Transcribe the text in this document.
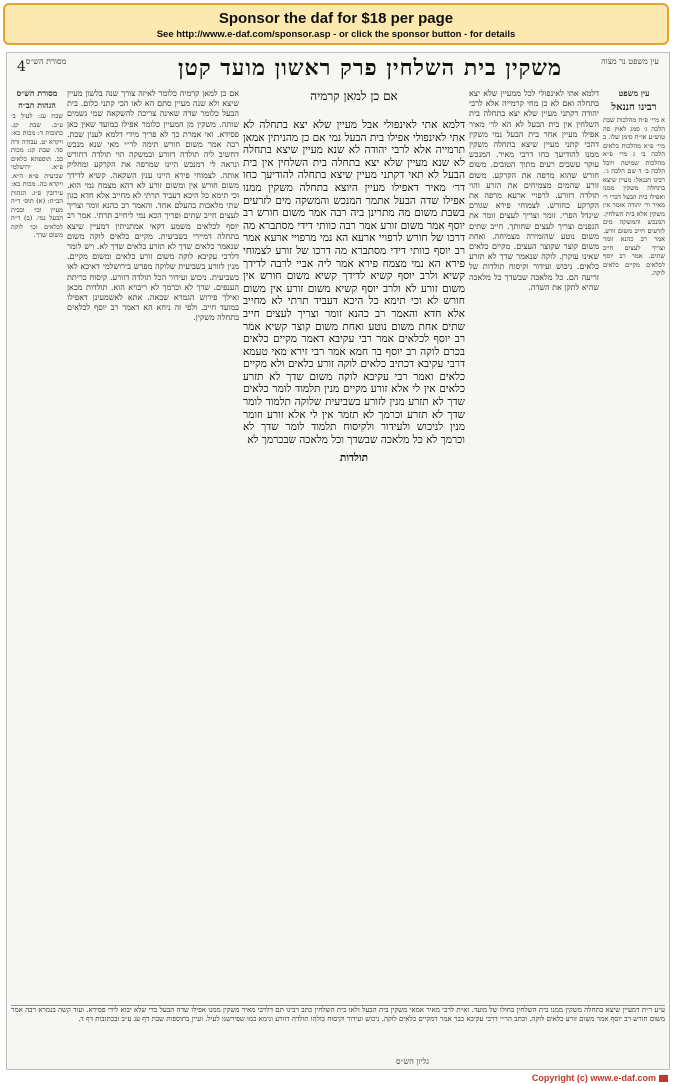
Sponsor the daf for $18 per page
See http://www.e-daf.com/sponsor.asp - or click the sponsor button - for details
4	משקין בית השלחין פרק ראשון מועד קטן
מסורת הש״ס	עין משפט נר מצוה
אם כן למאן קרמיה	עין משפט
רבינו חננאל

א מיי׳ פ״ח מהלכות שבת הלכה ג׳ סמג לאוין סה טוש״ע או״ח סימן שלו. ב מיי׳ פ״א מהלכות כלאים הלכה ב׳ ג מיי׳ פ״א מהלכות שמיטה ויובל הלכה ב׳ ד שם הלכה ג׳. רבינו חננאל: מעיין שיצא בתחלה משקין ממנו ואפילו בית הבעל דברי ר׳ מאיר ור׳ יהודה אומר אין משקין אלא בית השלחין. המנכש והמשקה מים לזרעים חייב משום זורע. אמר רב כהנא זומר וצריך לעצים חייב שתים. אמר רב יוסף לכלאים מקיים כלאים לוקה.

דלמא אתי לאינפולי לכל ממעיין שלא יצא בתחלה ואם לא כן מחי קרמייה אלא לרבי יהודה דקתני מעיין שלא יצא בתחלה בית השלחין אין בית הבעל לא הא לר׳ מאיר אפילו מעיין אחר בית הבעל נמי משקין דהכי קתני מעיין שיצא בתחלה משקין ממנו להודיעך כחו דרבי מאיר. המנכש עוקר עשבים רעים מתוך הטובים. משום חורש שהוא מרפה את הקרקע. משום זורע שהמים מצמיחים את הזרע והוי תולדה דזורע. לרפויי ארעא מרפה את הקרקע כחורש. לצמוחי פירא שגורם שיגדל הפרי. זומר וצריך לעצים זומר את הגפנים וצריך לעצים שחותך. חייב שתים משום נוטע שהזמירה מצמיחה. ואחת משום קוצר שקוצר העצים. מקיים כלאים שאינו עוקרן. לוקה שנאמר שדך לא תזרע כלאים. ניכוש ועידור וקיסוח תולדות של זריעה הם. כל מלאכה שבשדך כל מלאכה שהיא לתקן את השדה.

דלמא אתי לאינפולי אבל מעיין שלא יצא בתחלה לא אתי לאינפולי אפילו בית הבעל נמי אם כן מהניתין אמאן תרמייה אלא לרבי יהודה לא שנא מעיין שיצא בתחלה לא שנא מעיין שלא יצא בתחלה בית השלחין אין בית הבעל לא תאי דקתני מעיין שיצא בתחלה להודיעך כחו דר׳ מאיר דאפילו מעיין היוצא בתחלה משקין ממנו אפילו שדה הבעל אתמר המנכש והמשקה מים לזרעים בשבת משום מה מתרינן ביה רבה אמר משום חורש רב יוסף אמר משום זורע אמר רבה כוותי דידי מסתברא מה דרכו של חורש לרפויי ארעא הא נמי מרפויי ארעא אמר רב יוסף כוותי דידי מסתברא מה דרכו של זורע לצמוחי פירא הא נמי מצמח פירא אמר ליה אביי לרבה לדידך קשיא ולרב יוסף קשיא לדידך קשיא משום חורש אין משום זורע לא ולרב יוסף קשיא משום זורע אין משום חורש לא וכי תימא כל היכא דעביד תרתי לא מחייב אלא חדא והאמר רב כהנא זומר וצריך לעצים חייב שתים אחת משום נוטע ואחת משום קוצר קשיא אמר רב יוסף לכלאים אמר רבי עקיבא דאמר מקיים כלאים בכרם לוקה רב יוסף בר חמא אמר רבי זירא מאי טעמא דרבי עקיבא דכתיב כלאים לוקה זורע כלאים ולא מקיים כלאים ואמר רבי עקיבא לוקה משום שדך לא תזרע כלאים אין לי אלא זורע מקיים מנין תלמוד לומר כלאים שדך לא תזרע מנין לזורע בשביעית שלוקה תלמוד לומר שדך לא תזרע וכרמך לא תזמר אין לי אלא זורע וזומר מנין לניכוש ולעידור ולקיסוח תלמוד לומר שדך לא וכרמך לא כל מלאכה שבשדך וכל מלאכה שבכרמך לא

תולדות

אם כן למאן קרמיה כלומר לאיזה צורך שנה בלשון מעיין שיצא ולא שנה מעיין סתם הא לאו הכי קתני כלום. בית הבעל כלומר שדה שאינה צריכה להשקאה שמי גשמים שותה. משקין מן המעיין כלומר אפילו במועד שאין כאן פסידא. ואי אמרת כך לא פריך מידי דלמא לענין שבת. רבה אמר משום חורש תימה לר״י מאי שנא מנכש דחשיב ליה תולדה דזורע ובמשקה הוי תולדה דחורש ונראה לי דמנכש היינו שמרפה את הקרקע ומחליק אותה. לצמוחי פירא היינו ענין השקאה. קשיא לדידך משום חורש אין ומשום זורע לא דהא מצמח נמי הוא. וכי תימא כל היכא דעביד תרתי לא מחייב אלא חדא כגון שתי מלאכות בהעלם אחד. והאמר רב כהנא זומר וצריך לעצים חייב שתים ופריך הכא נמי ליחייב תרתי. אמר רב יוסף לכלאים משמע דקאי אמתניתין דמעיין שיצא בתחלה דמיירי בשביעית. מקיים כלאים לוקה משום שנאמר כלאים שדך לא תזרע כלאים שדך לא. ויש לומר דלרבי עקיבא לוקה משום זורע כלאים ומשום מקיים. מנין לזורע בשביעית שלוקה מפרש בירושלמי דאיכא לאו בשביעית. ניכוש ועידור הכל תולדה דזורע. קיסוח כריתת הענפים. שדך לא וכרמך לא ריבויא הוא. תולדות מכאן ואילך פירוש הגמרא שבאה. אתא לאשמעינן דאפילו במועד חייב. ולפי זה ניחא הא דאמר רב יוסף לכלאים בתחלה משקין.

מסורת הש״ס
הגהות הב״ח

שבת עג: לעיל ב׳ ע״ב. שבת קג. כתובות ד: מכות כא: ויקרא יט. עבודה זרה סד. שבת קג: מכות כב. תוספתא כלאים פ״א. ירושלמי שביעית פ״א ה״א. ויקרא כה. מכות כא: עירובין פ״ג. הגהות הב״ח: (א) תוס׳ ד״ה מעיין וכו׳ ובבית הבעל נמי. (ב) ד״ה לכלאים וכו׳ לוקה משום שדך.

ע״ע ר״ת דמעיין שיצא בתחלה משקין ממנו בית השלחין בחולו של מועד. וא״ת לרבי מאיר אמאי משקין בית הבעל ולאו בית השלחין כתב רבינו תם דלרבי מאיר משקין ממנו אפילו שדה הבעל כדי שלא יבוא לידי פסידא. ועוד קשה בגמרא רבה אמר משום חורש רב יוסף אמר משום זורע כלאים לוקה. וכתב הר״י דרבי עקיבא כבר אמר דמקיים כלאים לוקה. ניכוש ועידור וקיסוח כולהו תולדה דזורע ונימא כמו שפירשנו לעיל. ועיין בתוספות שבת דף עג ע״ב ובכתובות דף ד.
גליון הש״ס
Copyright (c) www.e-daf.com
